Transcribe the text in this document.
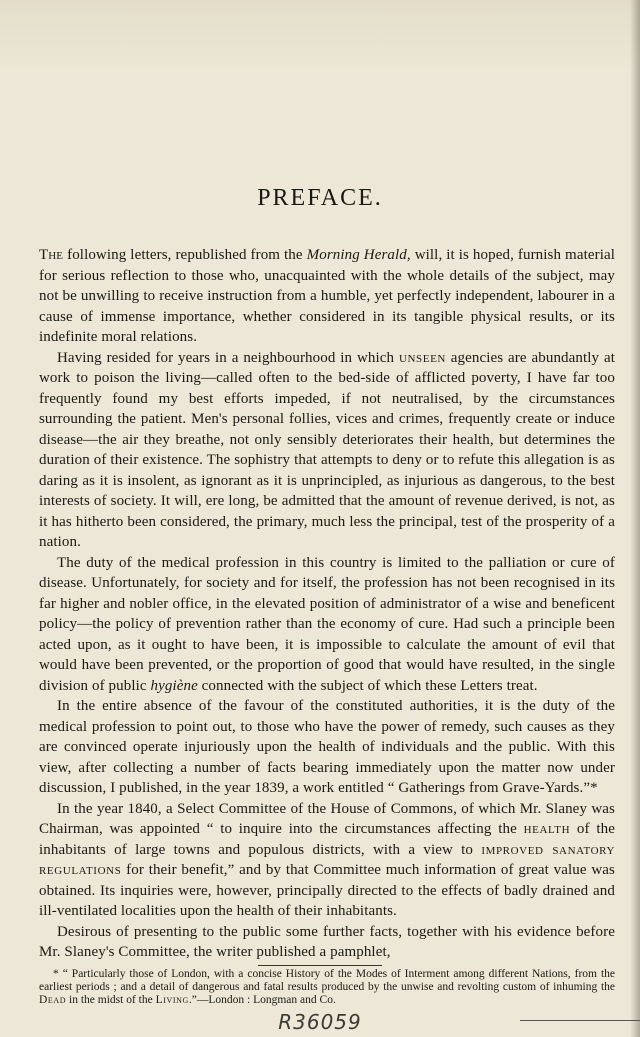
PREFACE.

The following letters, republished from the Morning Herald, will, it is hoped, furnish material for serious reflection to those who, unacquainted with the whole details of the subject, may not be unwilling to receive instruction from a humble, yet perfectly independent, labourer in a cause of immense importance, whether considered in its tangible physical results, or its indefinite moral relations.

Having resided for years in a neighbourhood in which unseen agencies are abundantly at work to poison the living—called often to the bed-side of afflicted poverty, I have far too frequently found my best efforts impeded, if not neutralised, by the circumstances surrounding the patient. Men's personal follies, vices and crimes, frequently create or induce disease—the air they breathe, not only sensibly deteriorates their health, but determines the duration of their existence. The sophistry that attempts to deny or to refute this allegation is as daring as it is insolent, as ignorant as it is unprincipled, as injurious as dangerous, to the best interests of society. It will, ere long, be admitted that the amount of revenue derived, is not, as it has hitherto been considered, the primary, much less the principal, test of the prosperity of a nation.

The duty of the medical profession in this country is limited to the palliation or cure of disease. Unfortunately, for society and for itself, the profession has not been recognised in its far higher and nobler office, in the elevated position of administrator of a wise and beneficent policy—the policy of prevention rather than the economy of cure. Had such a principle been acted upon, as it ought to have been, it is impossible to calculate the amount of evil that would have been prevented, or the proportion of good that would have resulted, in the single division of public hygiène connected with the subject of which these Letters treat.

In the entire absence of the favour of the constituted authorities, it is the duty of the medical profession to point out, to those who have the power of remedy, such causes as they are convinced operate injuriously upon the health of individuals and the public. With this view, after collecting a number of facts bearing immediately upon the matter now under discussion, I published, in the year 1839, a work entitled “ Gatherings from Grave-Yards.”*

In the year 1840, a Select Committee of the House of Commons, of which Mr. Slaney was Chairman, was appointed “ to inquire into the circumstances affecting the health of the inhabitants of large towns and populous districts, with a view to improved sanatory regulations for their benefit,” and by that Committee much information of great value was obtained. Its inquiries were, however, principally directed to the effects of badly drained and ill-ventilated localities upon the health of their inhabitants.

Desirous of presenting to the public some further facts, together with his evidence before Mr. Slaney's Committee, the writer published a pamphlet,

* “ Particularly those of London, with a concise History of the Modes of Interment among different Nations, from the earliest periods ; and a detail of dangerous and fatal results produced by the unwise and revolting custom of inhuming the Dead in the midst of the Living.”—London : Longman and Co.

R36059
